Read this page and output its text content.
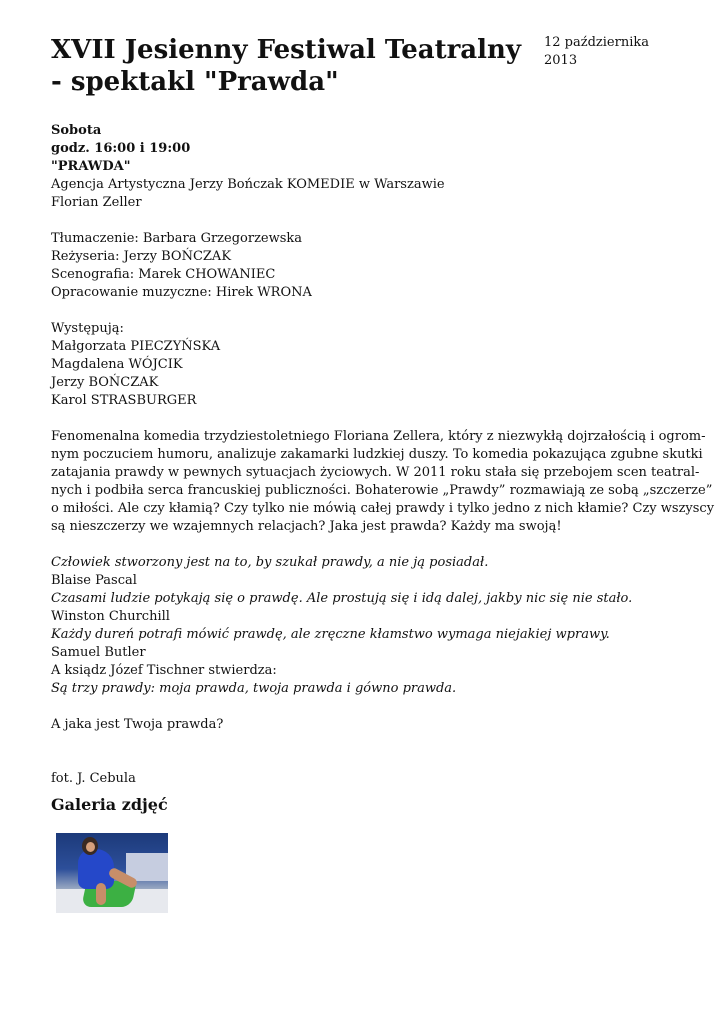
XVII Jesienny Festiwal Teatralny - spektakl "Prawda"
12 października
2013
Sobota
godz. 16:00 i 19:00
"PRAWDA"
Agencja Artystyczna Jerzy Bończak KOMEDIE w Warszawie
Florian Zeller
Tłumaczenie: Barbara Grzegorzewska
Reżyseria: Jerzy BOŃCZAK
Scenografia: Marek CHOWANIEC
Opracowanie muzyczne: Hirek WRONA
Występują:
Małgorzata PIECZYŃSKA
Magdalena WÓJCIK
Jerzy BOŃCZAK
Karol STRASBURGER
Fenomenalna komedia trzydziestoletniego Floriana Zellera, który z niezwykłą dojrzałością i ogrom-
nym poczuciem humoru, analizuje zakamarki ludzkiej duszy. To komedia pokazująca zgubne skutki
zatajania prawdy w pewnych sytuacjach życiowych. W 2011 roku stała się przebojem scen teatral-
nych i podbiła serca francuskiej publiczności. Bohaterowie „Prawdy” rozmawiają ze sobą „szczerze”
o miłości. Ale czy kłamią? Czy tylko nie mówią całej prawdy i tylko jedno z nich kłamie? Czy wszyscy
są nieszczerzy we wzajemnych relacjach? Jaka jest prawda? Każdy ma swoją!
Człowiek stworzony jest na to, by szukał prawdy, a nie ją posiadał.
Blaise Pascal
Czasami ludzie potykają się o prawdę. Ale prostują się i idą dalej, jakby nic się nie stało.
Winston Churchill
Każdy dureń potrafi mówić prawdę, ale zręczne kłamstwo wymaga niejakiej wprawy.
Samuel Butler
A ksiądz Józef Tischner stwierdza:
Są trzy prawdy: moja prawda, twoja prawda i gówno prawda.
A jaka jest Twoja prawda?
fot. J. Cebula
Galeria zdjęć
